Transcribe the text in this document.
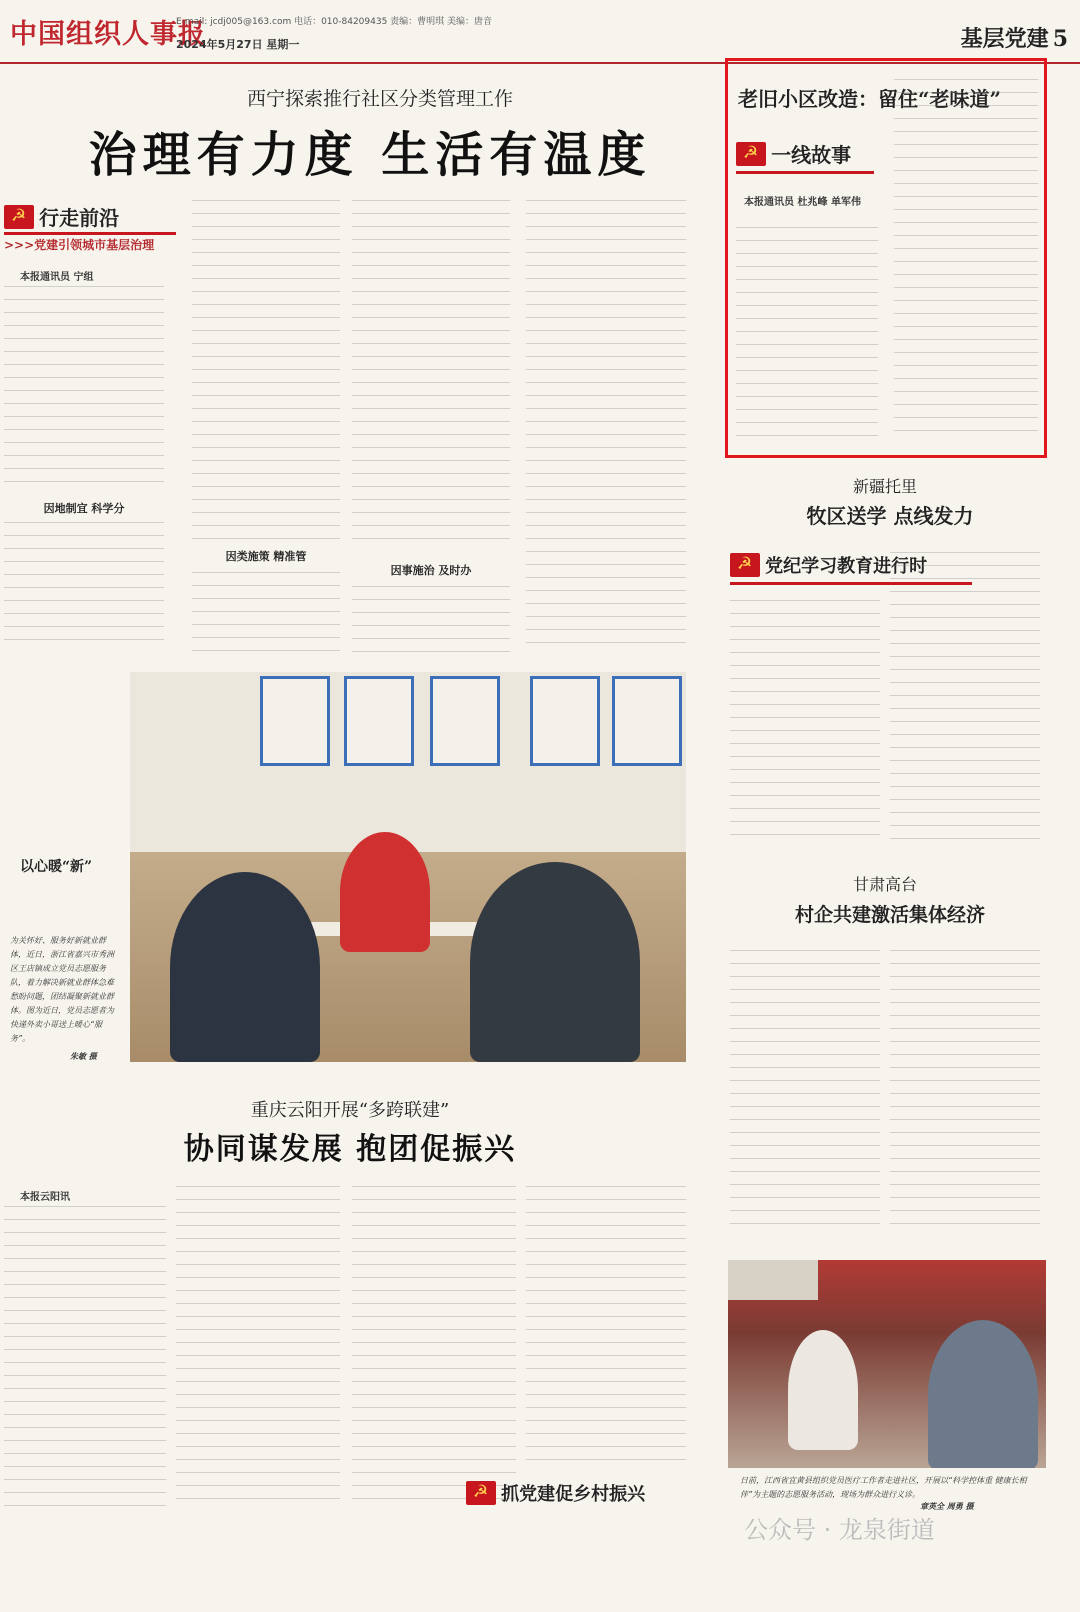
中国组织人事报
E-mail: jcdj005@163.com 电话：010-84209435 责编：曹明琪 美编：唐音
2024年5月27日 星期一	基层党建 5
西宁探索推行社区分类管理工作
治理有力度 生活有温度
☭ 行走前沿
>>>党建引领城市基层治理
本报通讯员 宁组
因地制宜 科学分
因类施策 精准管
因事施治 及时办
以心暖“新”
为关怀好、服务好新就业群体，近日，浙江省嘉兴市秀洲区王店镇成立党员志愿服务队，着力解决新就业群体急难愁盼问题，团结凝聚新就业群体。图为近日，党员志愿者为快递外卖小哥送上暖心“服务”。
朱敏 摄
老旧小区改造：留住“老味道”
☭ 一线故事
本报通讯员 杜兆峰 单军伟
新疆托里
牧区送学 点线发力
☭ 党纪学习教育进行时
甘肃高台
村企共建激活集体经济
重庆云阳开展“多跨联建”
协同谋发展 抱团促振兴
本报云阳讯
☭ 抓党建促乡村振兴
日前，江西省宜黄县组织党员医疗工作者走进社区，开展以“科学控体重 健康长相伴”为主题的志愿服务活动，现场为群众进行义诊。
章英全 周勇 摄
公众号 · 龙泉街道
